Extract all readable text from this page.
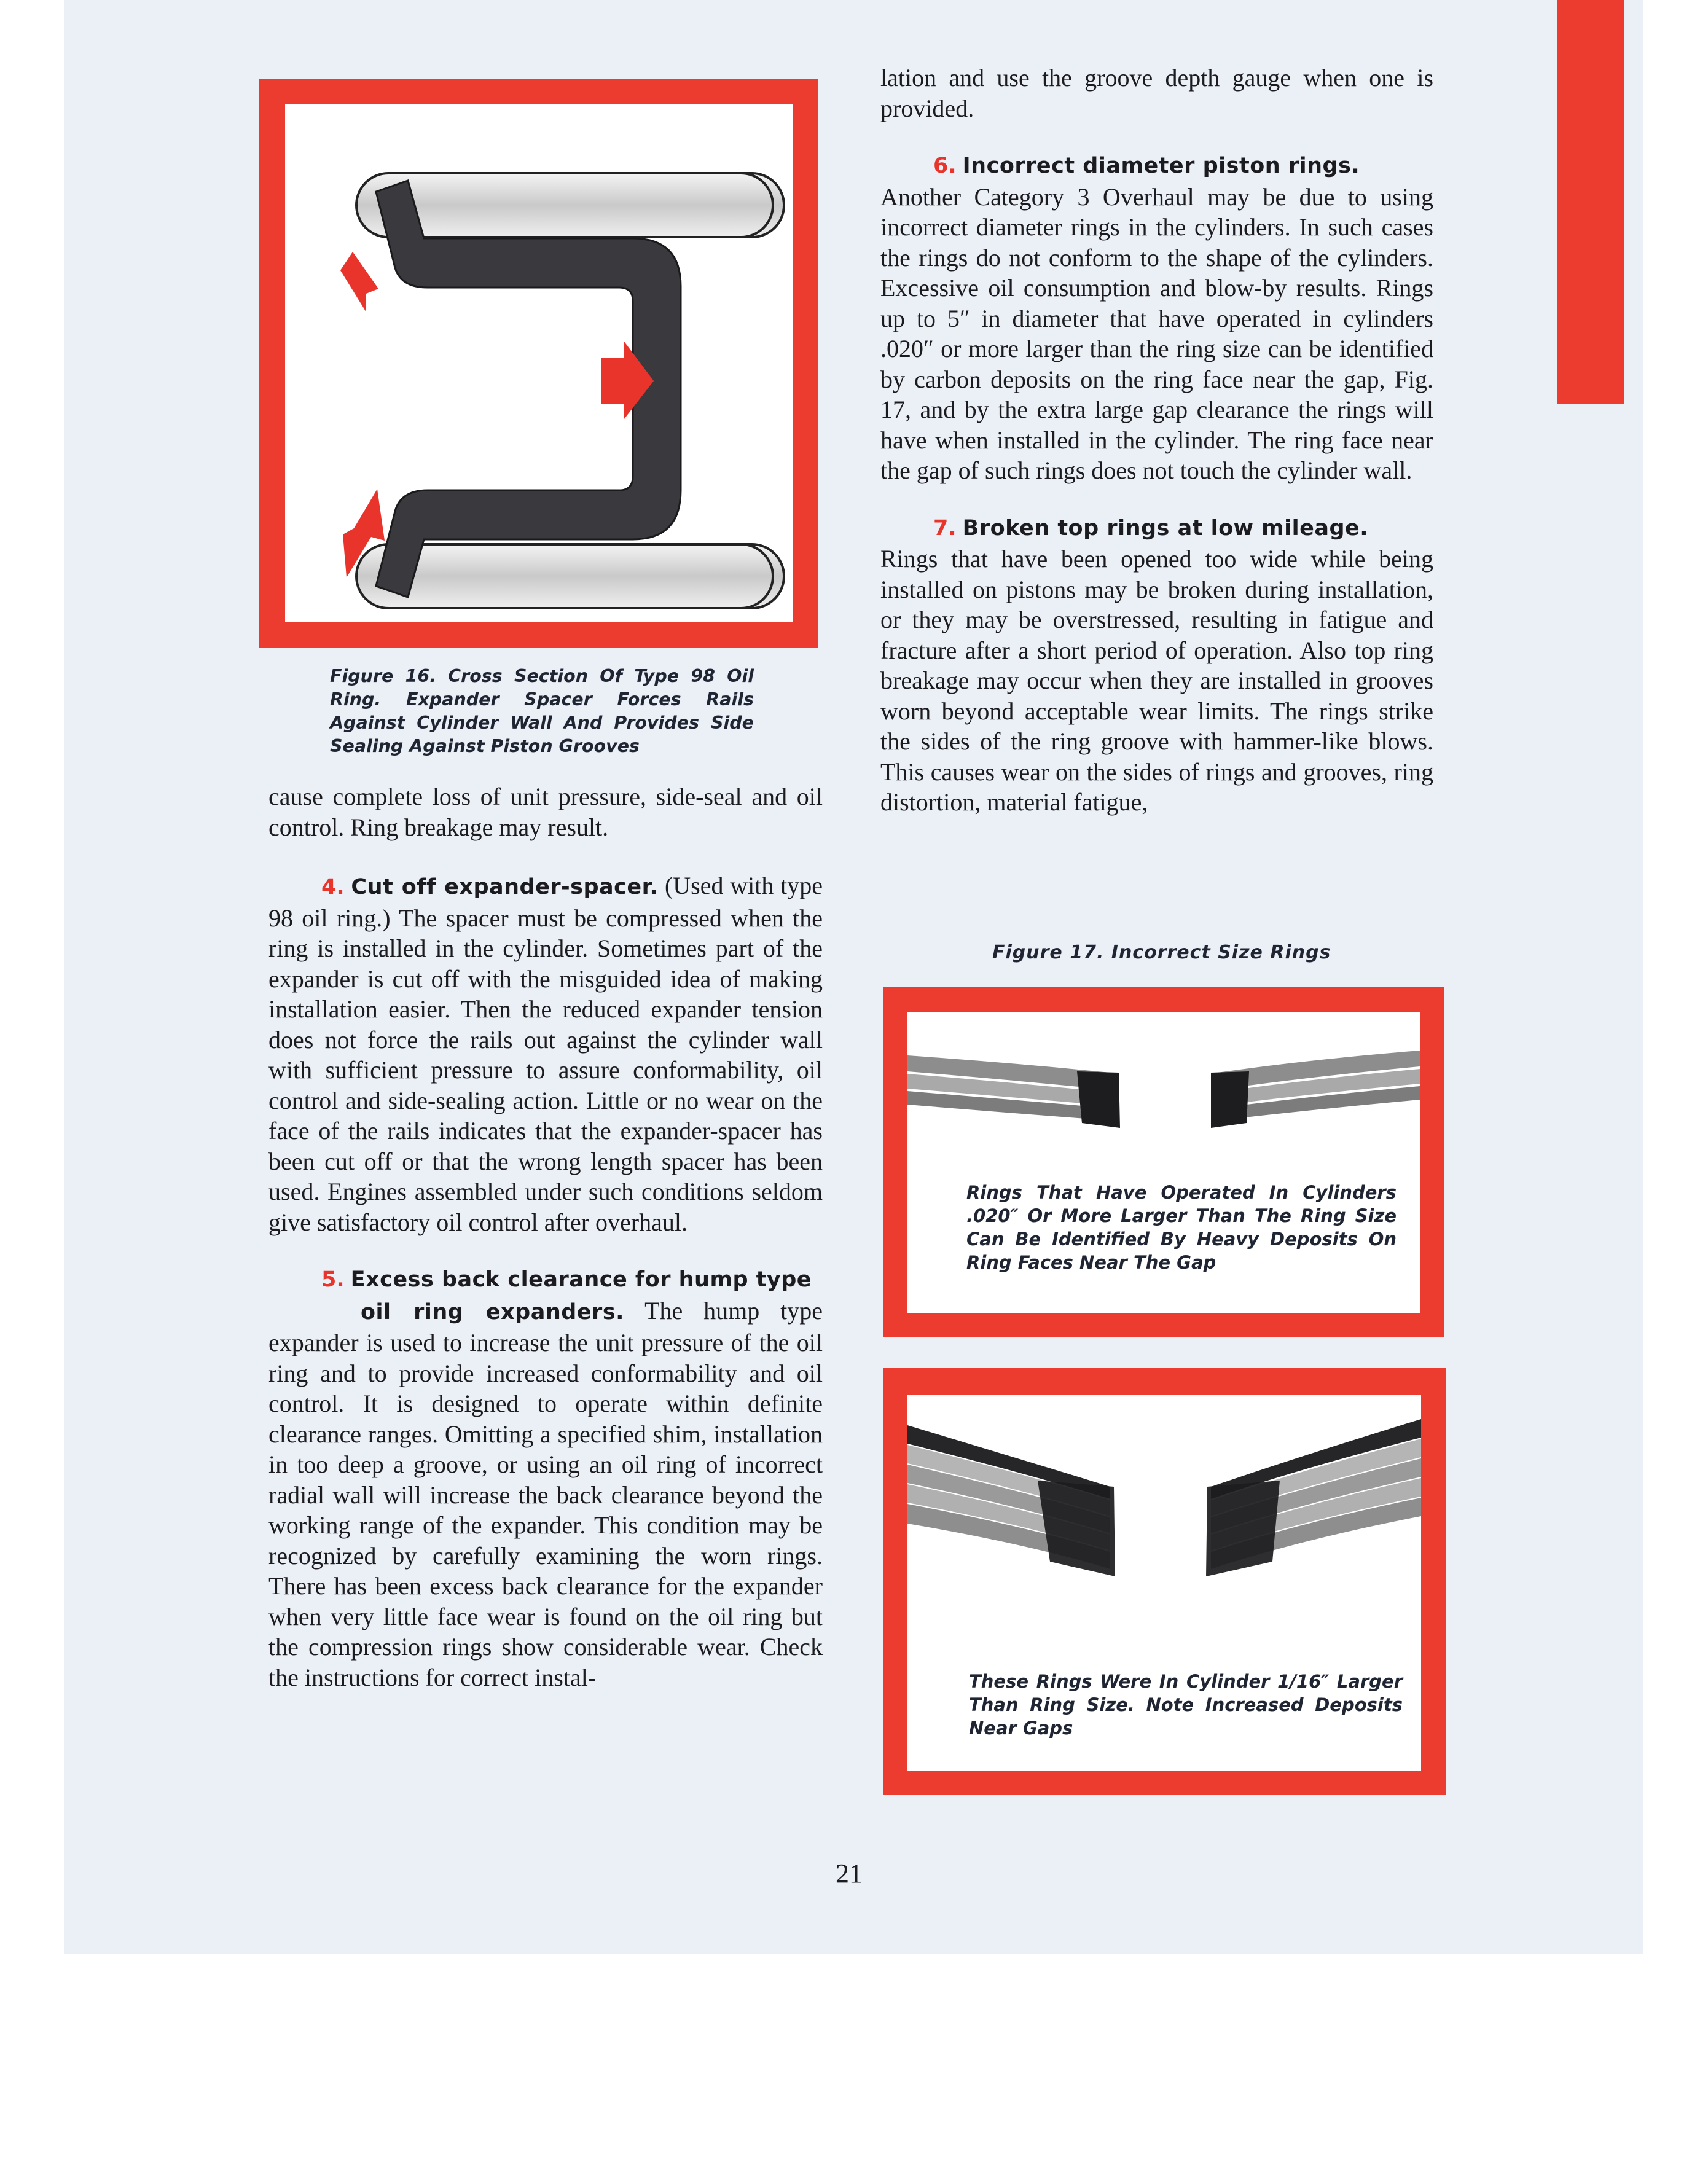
Figure 16. Cross Section Of Type 98 Oil Ring. Expander Spacer Forces Rails Against Cylinder Wall And Provides Side Sealing Against Piston Grooves

cause complete loss of unit pressure, side-seal and oil control. Ring breakage may result.

4. Cut off expander-spacer. (Used with type 98 oil ring.) The spacer must be compressed when the ring is installed in the cylinder. Sometimes part of the expander is cut off with the misguided idea of making installation easier. Then the reduced expander tension does not force the rails out against the cylinder wall with sufficient pressure to assure conformability, oil control and side-sealing action. Little or no wear on the face of the rails indicates that the expander-spacer has been cut off or that the wrong length spacer has been used. Engines assembled under such conditions seldom give satisfactory oil control after overhaul.

5. Excess back clearance for hump type

oil ring expanders. The hump type expander is used to increase the unit pressure of the oil ring and to provide increased conformability and oil control. It is designed to operate within definite clearance ranges. Omitting a specified shim, installation in too deep a groove, or using an oil ring of incorrect radial wall will increase the back clearance beyond the working range of the expander. This condition may be recognized by carefully examining the worn rings. There has been excess back clearance for the expander when very little face wear is found on the oil ring but the compression rings show considerable wear. Check the instructions for correct instal-

lation and use the groove depth gauge when one is provided.

6. Incorrect diameter piston rings.

Another Category 3 Overhaul may be due to using incorrect diameter rings in the cylinders. In such cases the rings do not conform to the shape of the cylinders. Excessive oil consumption and blow-by results. Rings up to 5″ in diameter that have operated in cylinders .020″ or more larger than the ring size can be identified by carbon deposits on the ring face near the gap, Fig. 17, and by the extra large gap clearance the rings will have when installed in the cylinder. The ring face near the gap of such rings does not touch the cylinder wall.

7. Broken top rings at low mileage.

Rings that have been opened too wide while being installed on pistons may be broken during installation, or they may be overstressed, resulting in fatigue and fracture after a short period of operation. Also top ring breakage may occur when they are installed in grooves worn beyond acceptable wear limits. The rings strike the sides of the ring groove with hammer-like blows. This causes wear on the sides of rings and grooves, ring distortion, material fatigue,

Figure 17. Incorrect Size Rings
Rings That Have Operated In Cylinders .020″ Or More Larger Than The Ring Size Can Be Identified By Heavy Deposits On Ring Faces Near The Gap
These Rings Were In Cylinder 1/16″ Larger Than Ring Size. Note Increased Deposits Near Gaps
21
